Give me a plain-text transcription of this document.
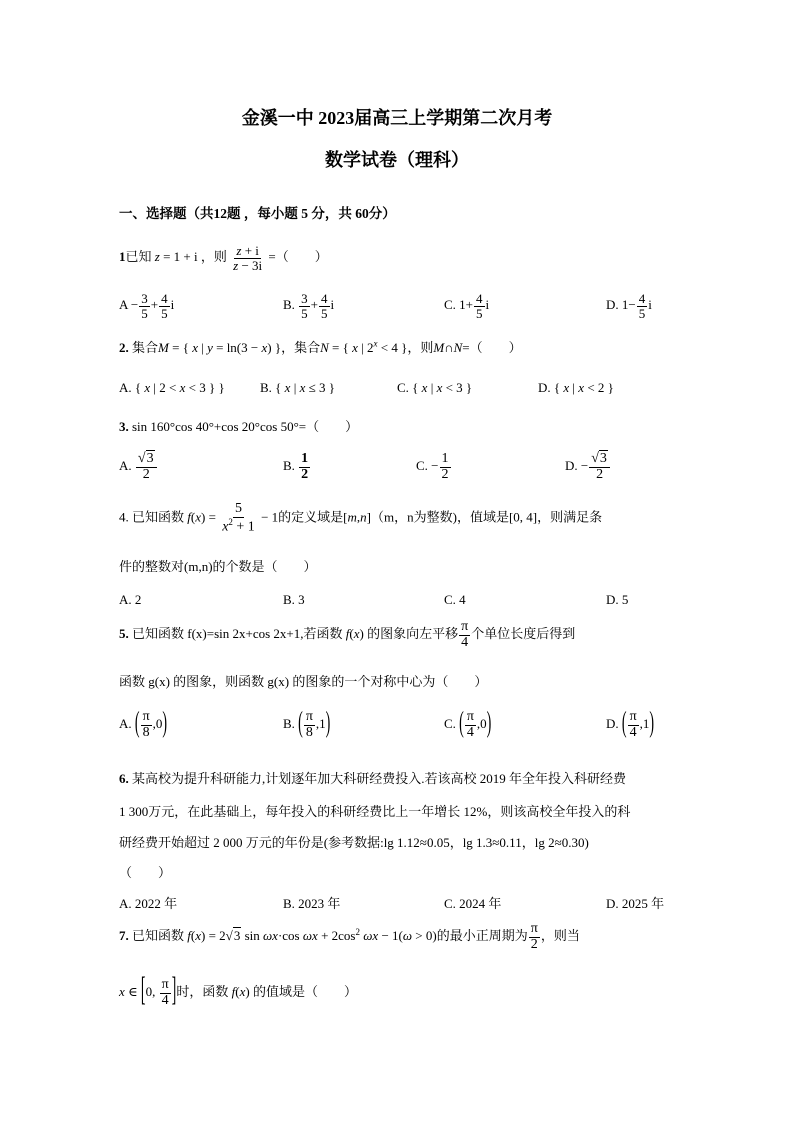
金溪一中 2023届高三上学期第二次月考
数学试卷（理科）
一、选择题（共12题 ，每小题 5 分，共 60分）
1已知 z = 1 + i ，则 $\frac{z + i}{z - 3i}$ =（　　）
$A - \frac{3}{5} + \frac{4}{5}$ i	B. $\frac{3}{5} + \frac{4}{5}$ i	C. $1+ \frac{4}{5}$ i	D. $1- \frac{4}{5}$ i
2. 集合M = { x | y = ln(3 − x) }，集合N = { x | $2^x < 4$ }，则M∩N=（　　）
A. { x | 2 < x < 3 } }	B. { x | x ≤ 3 }	C. { x | x < 3 }	D. { x | x < 2 }
3. sin 160°cos 40°+cos 20°cos 50°=（　　）
A. $\frac{√3}{2}$	B. $\frac{1}{2}$	C. − $\frac{1}{2}$	D. − $\frac{√3}{2}$
4. 已知函数 $f(x) = \frac{5}{x^2 + 1} - 1$的定义域是[m,n]（m，n为整数)，值域是[0, 4]，则满足条
件的整数对(m,n)的个数是（　　）
A. 2	B. 3	C. 4	D. 5
5. 已知函数 f(x)=sin 2x+cos 2x+1,若函数 f(x) 的图象向左平移 $\frac{\pi}{4}$ 个单位长度后得到
函数 g(x) 的图象，则函数 g(x) 的图象的一个对称中心为（　　）
A. ( $\frac{\pi}{8} ,0$)	B. ( $\frac{\pi}{8} ,1$)	C. ( $\frac{\pi}{4} ,0$)	D. ( $\frac{\pi}{4} ,1$)
6. 某高校为提升科研能力,计划逐年加大科研经费投入.若该高校 2019 年全年投入科研经费
1 300万元，在此基础上，每年投入的科研经费比上一年增长 12%，则该高校全年投入的科
研经费开始超过 2 000 万元的年份是(参考数据:lg 1.12≈0.05，lg 1.3≈0.11，lg 2≈0.30)
（　　）
A. 2022 年	B. 2023 年	C. 2024 年	D. 2025 年
7. 已知函数 f(x) = 2√3 sin ωx·cos $\omega x + 2\cos^2$ ωx − 1(ω > 0)的最小正周期为 $\frac{\pi}{2}$ ，则当
x ∈ [0, $\frac{\pi}{4}$ ]时，函数 f(x) 的值域是（　　）
